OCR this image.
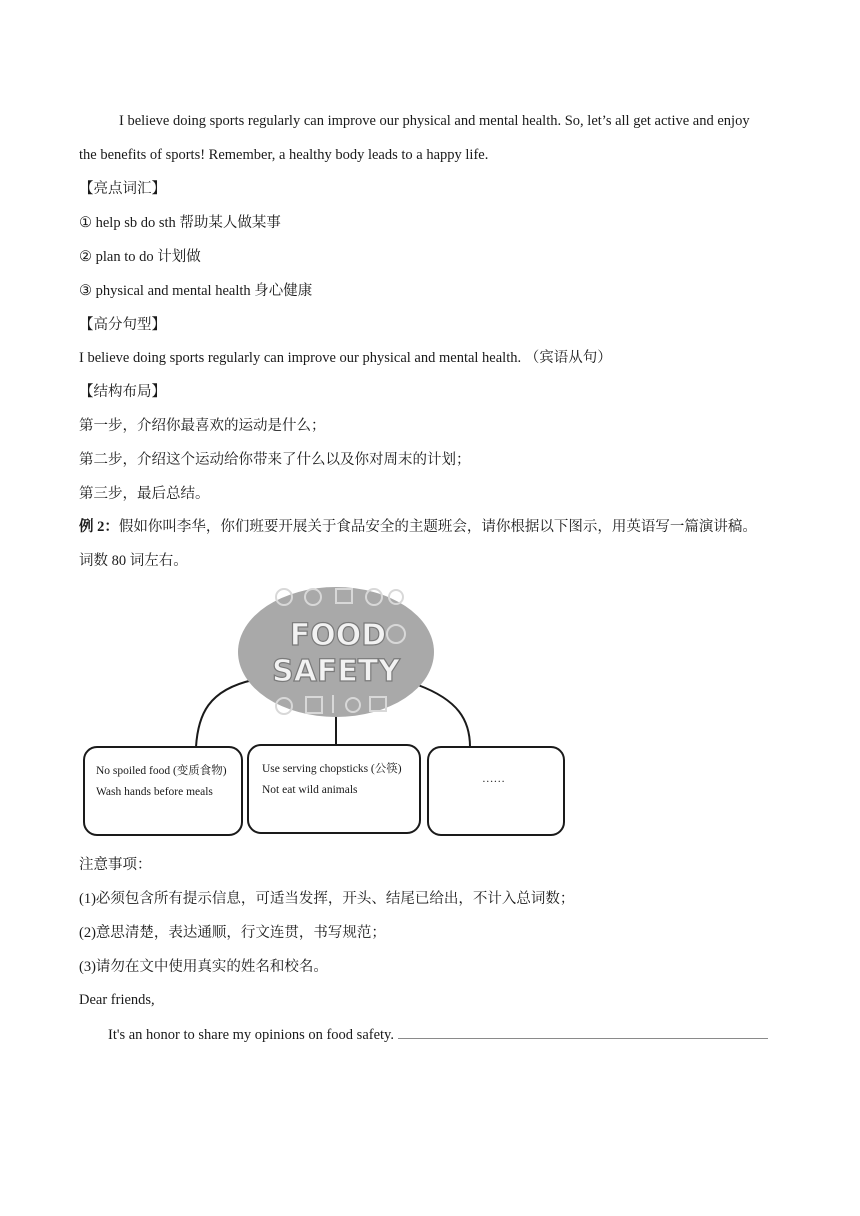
I believe doing sports regularly can improve our physical and mental health. So, let’s all get active and enjoy
the benefits of sports! Remember, a healthy body leads to a happy life.
【亮点词汇】
① help sb do sth 帮助某人做某事
② plan to do 计划做
③ physical and mental health 身心健康
【高分句型】
I believe doing sports regularly can improve our physical and mental health. （宾语从句）
【结构布局】
第一步，介绍你最喜欢的运动是什么；
第二步，介绍这个运动给你带来了什么以及你对周末的计划；
第三步，最后总结。
例 2：假如你叫李华，你们班要开展关于食品安全的主题班会，请你根据以下图示，用英语写一篇演讲稿。
词数 80 词左右。
FOOD
SAFETY
No spoiled food (变质食物)
Wash hands before meals
Use serving chopsticks (公筷)
Not eat wild animals
……
注意事项：
(1)必须包含所有提示信息，可适当发挥，开头、结尾已给出，不计入总词数；
(2)意思清楚，表达通顺，行文连贯，书写规范；
(3)请勿在文中使用真实的姓名和校名。
Dear friends,
It's an honor to share my opinions on food safety.
